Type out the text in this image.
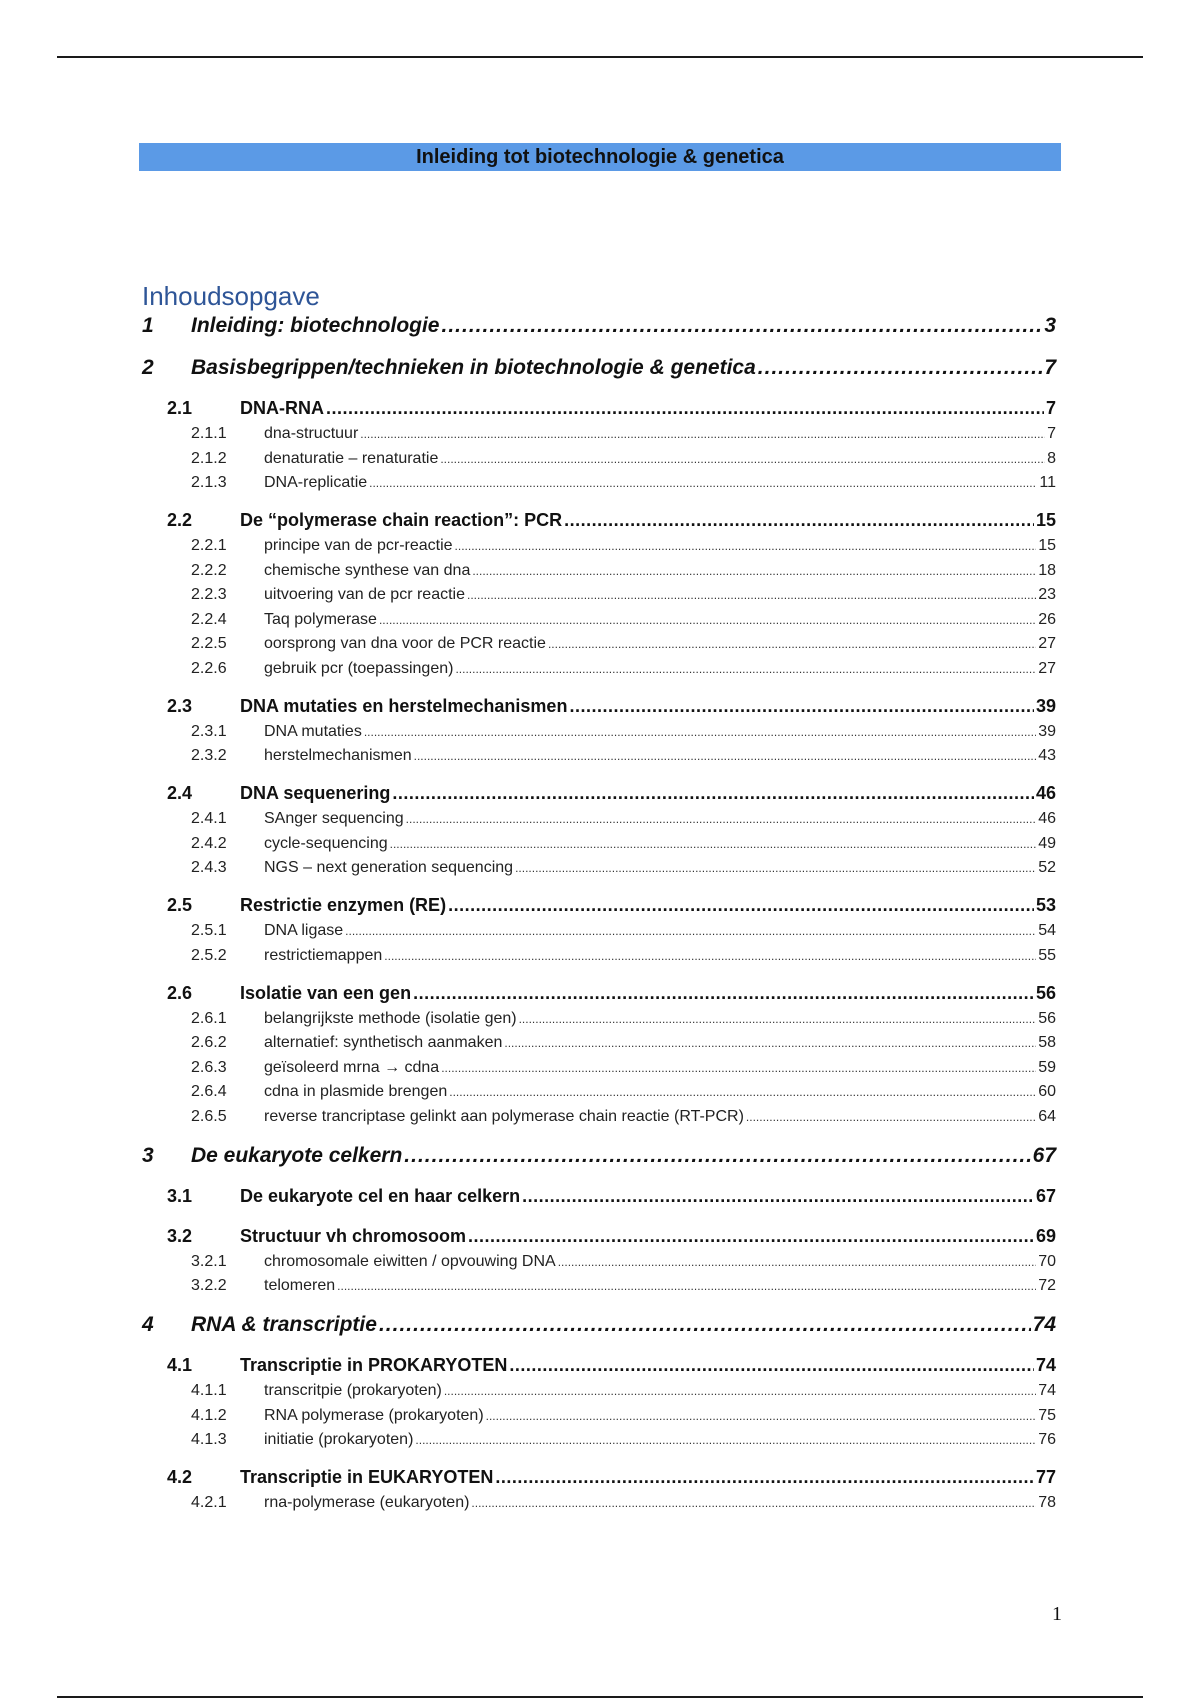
Inleiding tot biotechnologie & genetica
Inhoudsopgave
1	Inleiding: biotechnologie .....	3
2	Basisbegrippen/technieken in biotechnologie & genetica .....	7
2.1	DNA-RNA .....	7
2.1.1	dna-structuur .....	7
2.1.2	denaturatie – renaturatie .....	8
2.1.3	DNA-replicatie .....	11
2.2	De “polymerase chain reaction”: PCR .....	15
2.2.1	principe van de pcr-reactie .....	15
2.2.2	chemische synthese van dna .....	18
2.2.3	uitvoering van de pcr reactie .....	23
2.2.4	Taq polymerase .....	26
2.2.5	oorsprong van dna voor de PCR reactie .....	27
2.2.6	gebruik pcr (toepassingen) .....	27
2.3	DNA mutaties en herstelmechanismen .....	39
2.3.1	DNA mutaties .....	39
2.3.2	herstelmechanismen .....	43
2.4	DNA sequenering .....	46
2.4.1	SAnger sequencing .....	46
2.4.2	cycle-sequencing .....	49
2.4.3	NGS – next generation sequencing .....	52
2.5	Restrictie enzymen (RE) .....	53
2.5.1	DNA ligase .....	54
2.5.2	restrictiemappen .....	55
2.6	Isolatie van een gen .....	56
2.6.1	belangrijkste methode (isolatie gen) .....	56
2.6.2	alternatief: synthetisch aanmaken .....	58
2.6.3	geïsoleerd mrna → cdna .....	59
2.6.4	cdna in plasmide brengen .....	60
2.6.5	reverse trancriptase gelinkt aan polymerase chain reactie (RT-PCR) .....	64
3	De eukaryote celkern .....	67
3.1	De eukaryote cel en haar celkern .....	67
3.2	Structuur vh chromosoom .....	69
3.2.1	chromosomale eiwitten / opvouwing DNA .....	70
3.2.2	telomeren .....	72
4	RNA & transcriptie .....	74
4.1	Transcriptie in PROKARYOTEN .....	74
4.1.1	transcritpie (prokaryoten) .....	74
4.1.2	RNA polymerase (prokaryoten) .....	75
4.1.3	initiatie (prokaryoten) .....	76
4.2	Transcriptie in EUKARYOTEN .....	77
4.2.1	rna-polymerase (eukaryoten) .....	78
1
